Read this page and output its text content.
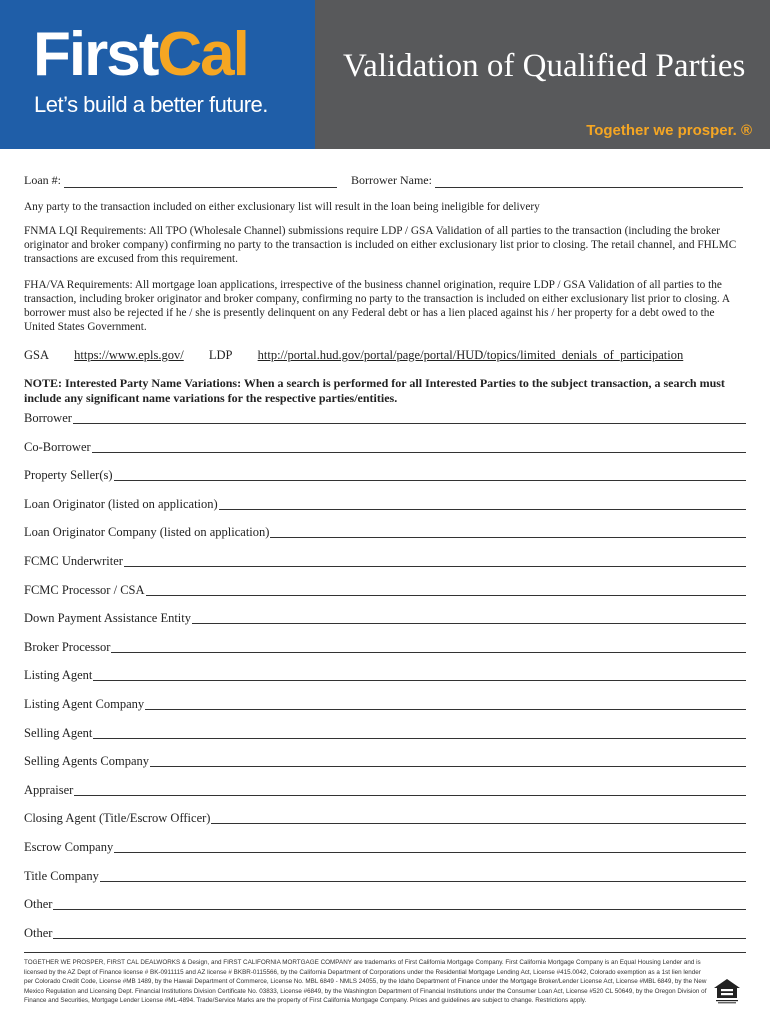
FirstCal
Let’s build a better future.
Validation of Qualified Parties
Together we prosper. ®
Loan #:	Borrower Name:
Any party to the transaction included on either exclusionary list will result in the loan being ineligible for delivery
FNMA LQI Requirements: All TPO (Wholesale Channel) submissions require LDP / GSA Validation of all parties to the transaction (including the broker originator and broker company) confirming no party to the transaction is included on either exclusionary list prior to closing. The retail channel, and FHLMC transactions are excused from this requirement.
FHA/VA Requirements: All mortgage loan applications, irrespective of the business channel origination, require LDP / GSA Validation of all parties to the transaction, including broker originator and broker company, confirming no party to the transaction is included on either exclusionary list prior to closing. A borrower must also be rejected if he / she is presently delinquent on any Federal debt or has a lien placed against his / her property for a debt owed to the United States Government.
GSA https://www.epls.gov/ LDP http://portal.hud.gov/portal/page/portal/HUD/topics/limited_denials_of_participation
NOTE: Interested Party Name Variations: When a search is performed for all Interested Parties to the subject transaction, a search must include any significant name variations for the respective parties/entities.
Borrower
Co-Borrower
Property Seller(s)
Loan Originator (listed on application)
Loan Originator Company (listed on application)
FCMC Underwriter
FCMC Processor / CSA
Down Payment Assistance Entity
Broker Processor
Listing Agent
Listing Agent Company
Selling Agent
Selling Agents Company
Appraiser
Closing Agent (Title/Escrow Officer)
Escrow Company
Title Company
Other
Other
TOGETHER WE PROSPER, FIRST CAL DEALWORKS & Design, and FIRST CALIFORNIA MORTGAGE COMPANY are trademarks of First California Mortgage Company. First California Mortgage Company is an Equal Housing Lender and is licensed by the AZ Dept of Finance license # BK-0911115 and AZ license # BKBR-0115566, by the California Department of Corporations under the Residential Mortgage Lending Act, License #415.0042, Colorado exemption as a 1st lien lender per Colorado Credit Code, License #MB 1489, by the Hawaii Department of Commerce, License No. MBL 6849 - NMLS 24055, by the Idaho Department of Finance under the Mortgage Broker/Lender License Act, License #MBL 6849, by the New Mexico Regulation and Licensing Dept. Financial Institutions Division Certificate No. 03833, License #6849, by the Washington Department of Financial Institutions under the Consumer Loan Act, License #520 CL 50649, by the Oregon Division of Finance and Securities, Mortgage Lender License #ML-4894. Trade/Service Marks are the property of First California Mortgage Company. Prices and guidelines are subject to change. Restrictions apply.
